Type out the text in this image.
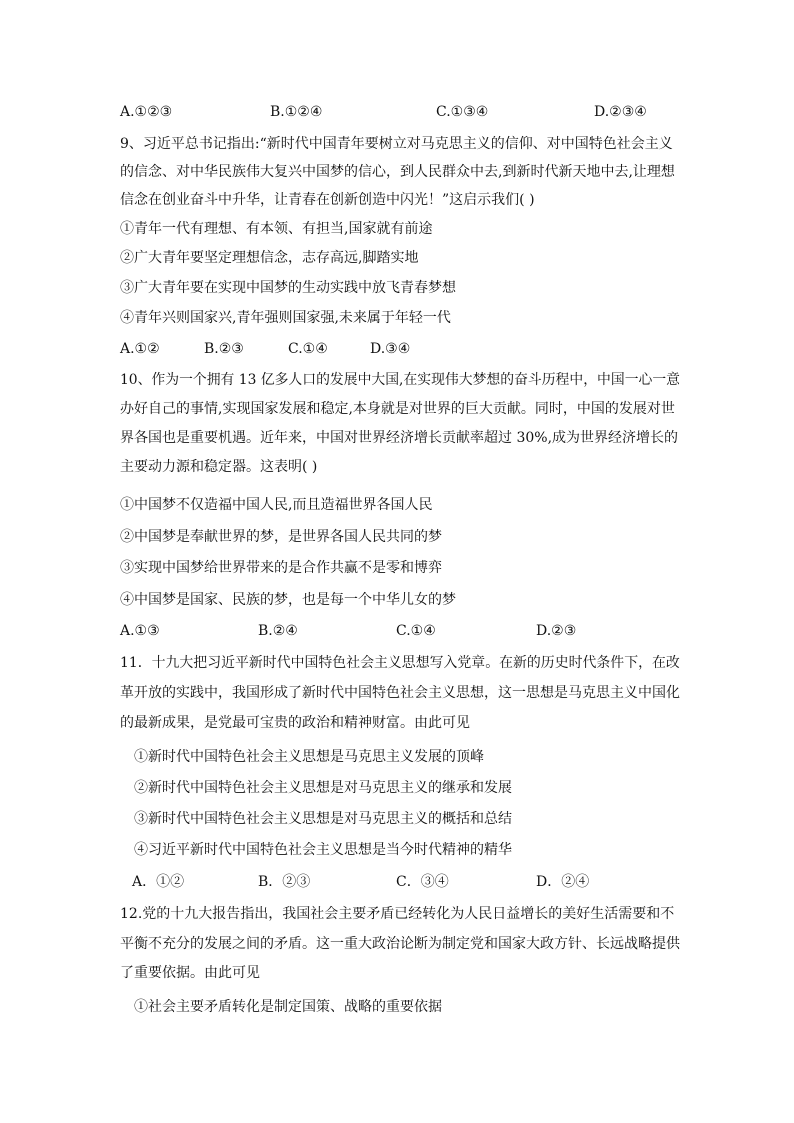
A.①②③	B.①②④	C.①③④	D.②③④
9、习近平总书记指出:“新时代中国青年要树立对马克思主义的信仰、对中国特色社会主义
的信念、对中华民族伟大复兴中国梦的信心，到人民群众中去,到新时代新天地中去,让理想
信念在创业奋斗中升华，让青春在创新创造中闪光！”这启示我们( )
①青年一代有理想、有本领、有担当,国家就有前途
②广大青年要坚定理想信念，志存高远,脚踏实地
③广大青年要在实现中国梦的生动实践中放飞青春梦想
④青年兴则国家兴,青年强则国家强,未来属于年轻一代
A.①②	B.②③	C.①④	D.③④
10、作为一个拥有 13 亿多人口的发展中大国,在实现伟大梦想的奋斗历程中，中国一心一意
办好自己的事情,实现国家发展和稳定,本身就是对世界的巨大贡献。同时，中国的发展对世
界各国也是重要机遇。近年来，中国对世界经济增长贡献率超过 30%,成为世界经济增长的
主要动力源和稳定器。这表明( )
①中国梦不仅造福中国人民,而且造福世界各国人民
②中国梦是奉献世界的梦，是世界各国人民共同的梦
③实现中国梦给世界带来的是合作共赢不是零和博弈
④中国梦是国家、民族的梦，也是每一个中华儿女的梦
A.①③	B.②④	C.①④	D.②③
11．十九大把习近平新时代中国特色社会主义思想写入党章。在新的历史时代条件下，在改
革开放的实践中，我国形成了新时代中国特色社会主义思想，这一思想是马克思主义中国化
的最新成果，是党最可宝贵的政治和精神财富。由此可见
①新时代中国特色社会主义思想是马克思主义发展的顶峰
②新时代中国特色社会主义思想是对马克思主义的继承和发展
③新时代中国特色社会主义思想是对马克思主义的概括和总结
④习近平新时代中国特色社会主义思想是当今时代精神的精华
A．①②	B．②③	C．③④	D．②④
12.党的十九大报告指出，我国社会主要矛盾已经转化为人民日益增长的美好生活需要和不
平衡不充分的发展之间的矛盾。这一重大政治论断为制定党和国家大政方针、长远战略提供
了重要依据。由此可见
①社会主要矛盾转化是制定国策、战略的重要依据
